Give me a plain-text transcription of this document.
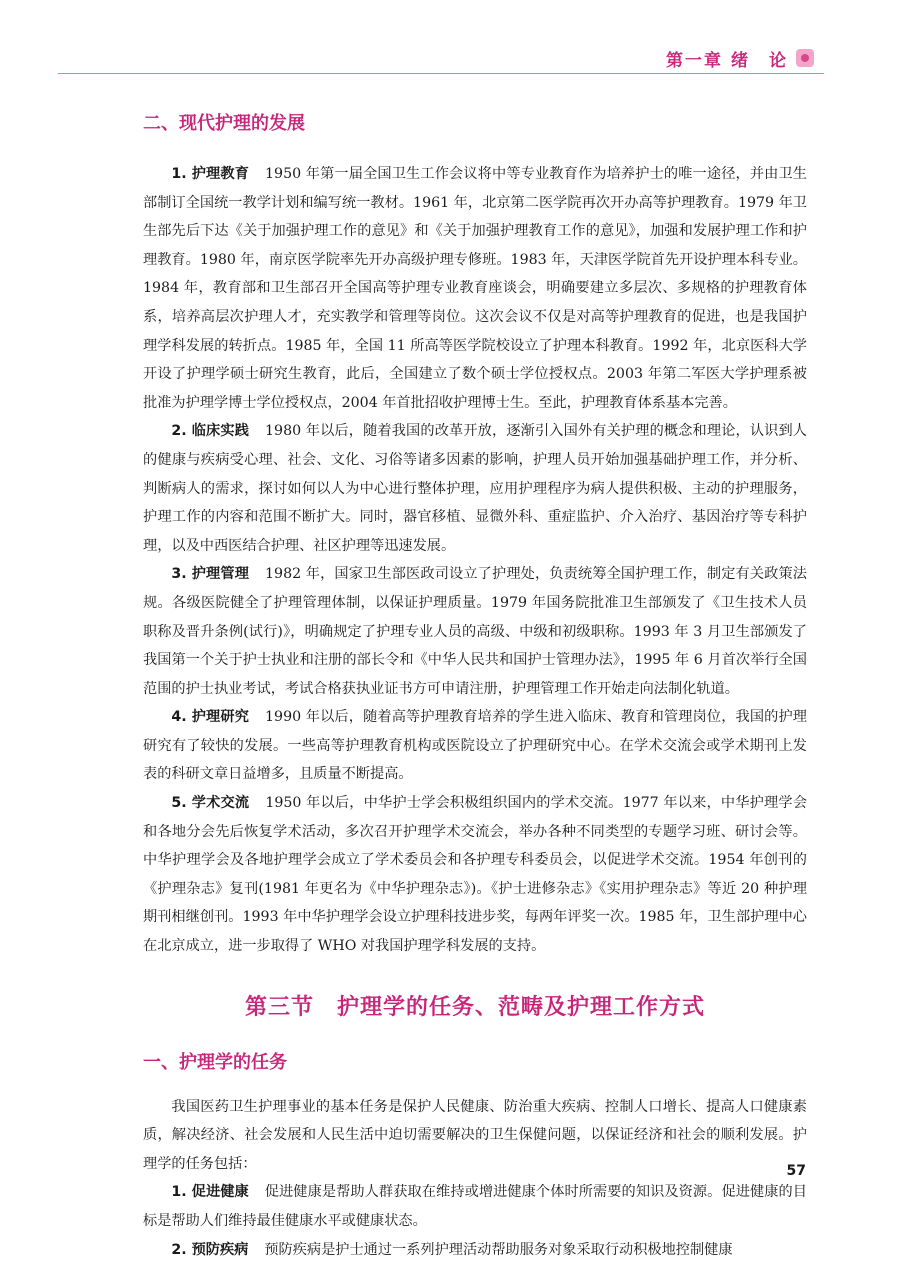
第一章 绪　论
二、现代护理的发展

1. 护理教育 1950 年第一届全国卫生工作会议将中等专业教育作为培养护士的唯一途径，并由卫生部制订全国统一教学计划和编写统一教材。1961 年，北京第二医学院再次开办高等护理教育。1979 年卫生部先后下达《关于加强护理工作的意见》和《关于加强护理教育工作的意见》，加强和发展护理工作和护理教育。1980 年，南京医学院率先开办高级护理专修班。1983 年，天津医学院首先开设护理本科专业。1984 年，教育部和卫生部召开全国高等护理专业教育座谈会，明确要建立多层次、多规格的护理教育体系，培养高层次护理人才，充实教学和管理等岗位。这次会议不仅是对高等护理教育的促进，也是我国护理学科发展的转折点。1985 年，全国 11 所高等医学院校设立了护理本科教育。1992 年，北京医科大学开设了护理学硕士研究生教育，此后，全国建立了数个硕士学位授权点。2003 年第二军医大学护理系被批准为护理学博士学位授权点，2004 年首批招收护理博士生。至此，护理教育体系基本完善。

2. 临床实践 1980 年以后，随着我国的改革开放，逐渐引入国外有关护理的概念和理论，认识到人的健康与疾病受心理、社会、文化、习俗等诸多因素的影响，护理人员开始加强基础护理工作，并分析、判断病人的需求，探讨如何以人为中心进行整体护理，应用护理程序为病人提供积极、主动的护理服务，护理工作的内容和范围不断扩大。同时，器官移植、显微外科、重症监护、介入治疗、基因治疗等专科护理，以及中西医结合护理、社区护理等迅速发展。

3. 护理管理 1982 年，国家卫生部医政司设立了护理处，负责统筹全国护理工作，制定有关政策法规。各级医院健全了护理管理体制，以保证护理质量。1979 年国务院批准卫生部颁发了《卫生技术人员职称及晋升条例(试行)》，明确规定了护理专业人员的高级、中级和初级职称。1993 年 3 月卫生部颁发了我国第一个关于护士执业和注册的部长令和《中华人民共和国护士管理办法》，1995 年 6 月首次举行全国范围的护士执业考试，考试合格获执业证书方可申请注册，护理管理工作开始走向法制化轨道。

4. 护理研究 1990 年以后，随着高等护理教育培养的学生进入临床、教育和管理岗位，我国的护理研究有了较快的发展。一些高等护理教育机构或医院设立了护理研究中心。在学术交流会或学术期刊上发表的科研文章日益增多，且质量不断提高。

5. 学术交流 1950 年以后，中华护士学会积极组织国内的学术交流。1977 年以来，中华护理学会和各地分会先后恢复学术活动，多次召开护理学术交流会，举办各种不同类型的专题学习班、研讨会等。中华护理学会及各地护理学会成立了学术委员会和各护理专科委员会，以促进学术交流。1954 年创刊的《护理杂志》复刊(1981 年更名为《中华护理杂志》)。《护士进修杂志》《实用护理杂志》等近 20 种护理期刊相继创刊。1993 年中华护理学会设立护理科技进步奖，每两年评奖一次。1985 年，卫生部护理中心在北京成立，进一步取得了 WHO 对我国护理学科发展的支持。

第三节　护理学的任务、范畴及护理工作方式
一、护理学的任务

我国医药卫生护理事业的基本任务是保护人民健康、防治重大疾病、控制人口增长、提高人口健康素质，解决经济、社会发展和人民生活中迫切需要解决的卫生保健问题，以保证经济和社会的顺利发展。护理学的任务包括：

1. 促进健康 促进健康是帮助人群获取在维持或增进健康个体时所需要的知识及资源。促进健康的目标是帮助人们维持最佳健康水平或健康状态。

2. 预防疾病 预防疾病是护士通过一系列护理活动帮助服务对象采取行动积极地控制健康

57
